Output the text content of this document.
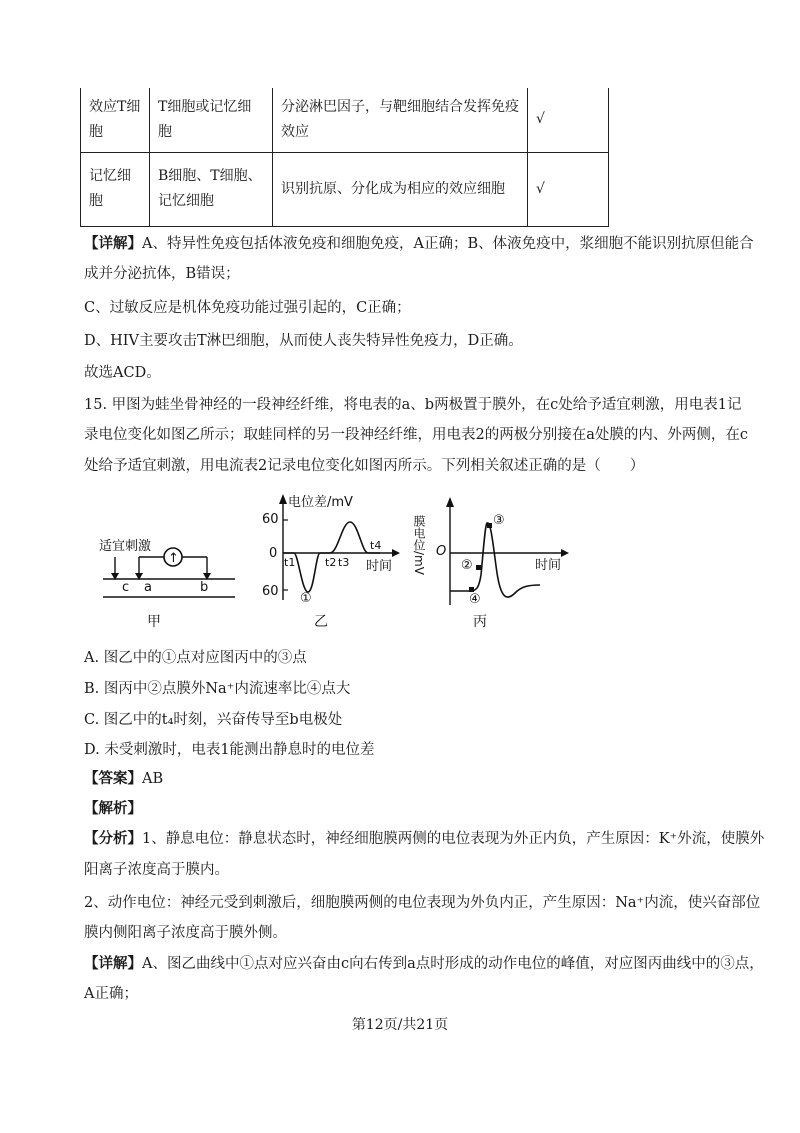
效应T细胞	T细胞或记忆细胞	分泌淋巴因子，与靶细胞结合发挥免疫效应	√
记忆细胞	B细胞、T细胞、记忆细胞	识别抗原、分化成为相应的效应细胞	√
【详解】A、特异性免疫包括体液免疫和细胞免疫，A正确；B、体液免疫中，浆细胞不能识别抗原但能合
成并分泌抗体，B错误；
C、过敏反应是机体免疫功能过强引起的，C正确；
D、HIV主要攻击T淋巴细胞，从而使人丧失特异性免疫力，D正确。
故选ACD。
15. 甲图为蛙坐骨神经的一段神经纤维，将电表的a、b两极置于膜外，在c处给予适宜刺激，用电表1记
录电位变化如图乙所示；取蛙同样的另一段神经纤维，用电表2的两极分别接在a处膜的内、外两侧，在c
处给予适宜刺激，用电流表2记录电位变化如图丙所示。下列相关叙述正确的是（　　）
适宜刺激
↑
c a	b
甲
电位差/mV
60
0
60
t1	t2 t3
t4
时间
①
乙
膜电位/mV O
时间
②
③
④
丙
A. 图乙中的①点对应图丙中的③点
B. 图丙中②点膜外Na⁺内流速率比④点大
C. 图乙中的t₄时刻，兴奋传导至b电极处
D. 未受刺激时，电表1能测出静息时的电位差
【答案】AB
【解析】
【分析】1、静息电位：静息状态时，神经细胞膜两侧的电位表现为外正内负，产生原因：K⁺外流，使膜外
阳离子浓度高于膜内。
2、动作电位：神经元受到刺激后，细胞膜两侧的电位表现为外负内正，产生原因：Na⁺内流，使兴奋部位
膜内侧阳离子浓度高于膜外侧。
【详解】A、图乙曲线中①点对应兴奋由c向右传到a点时形成的动作电位的峰值，对应图丙曲线中的③点，
A正确；
第12页/共21页
